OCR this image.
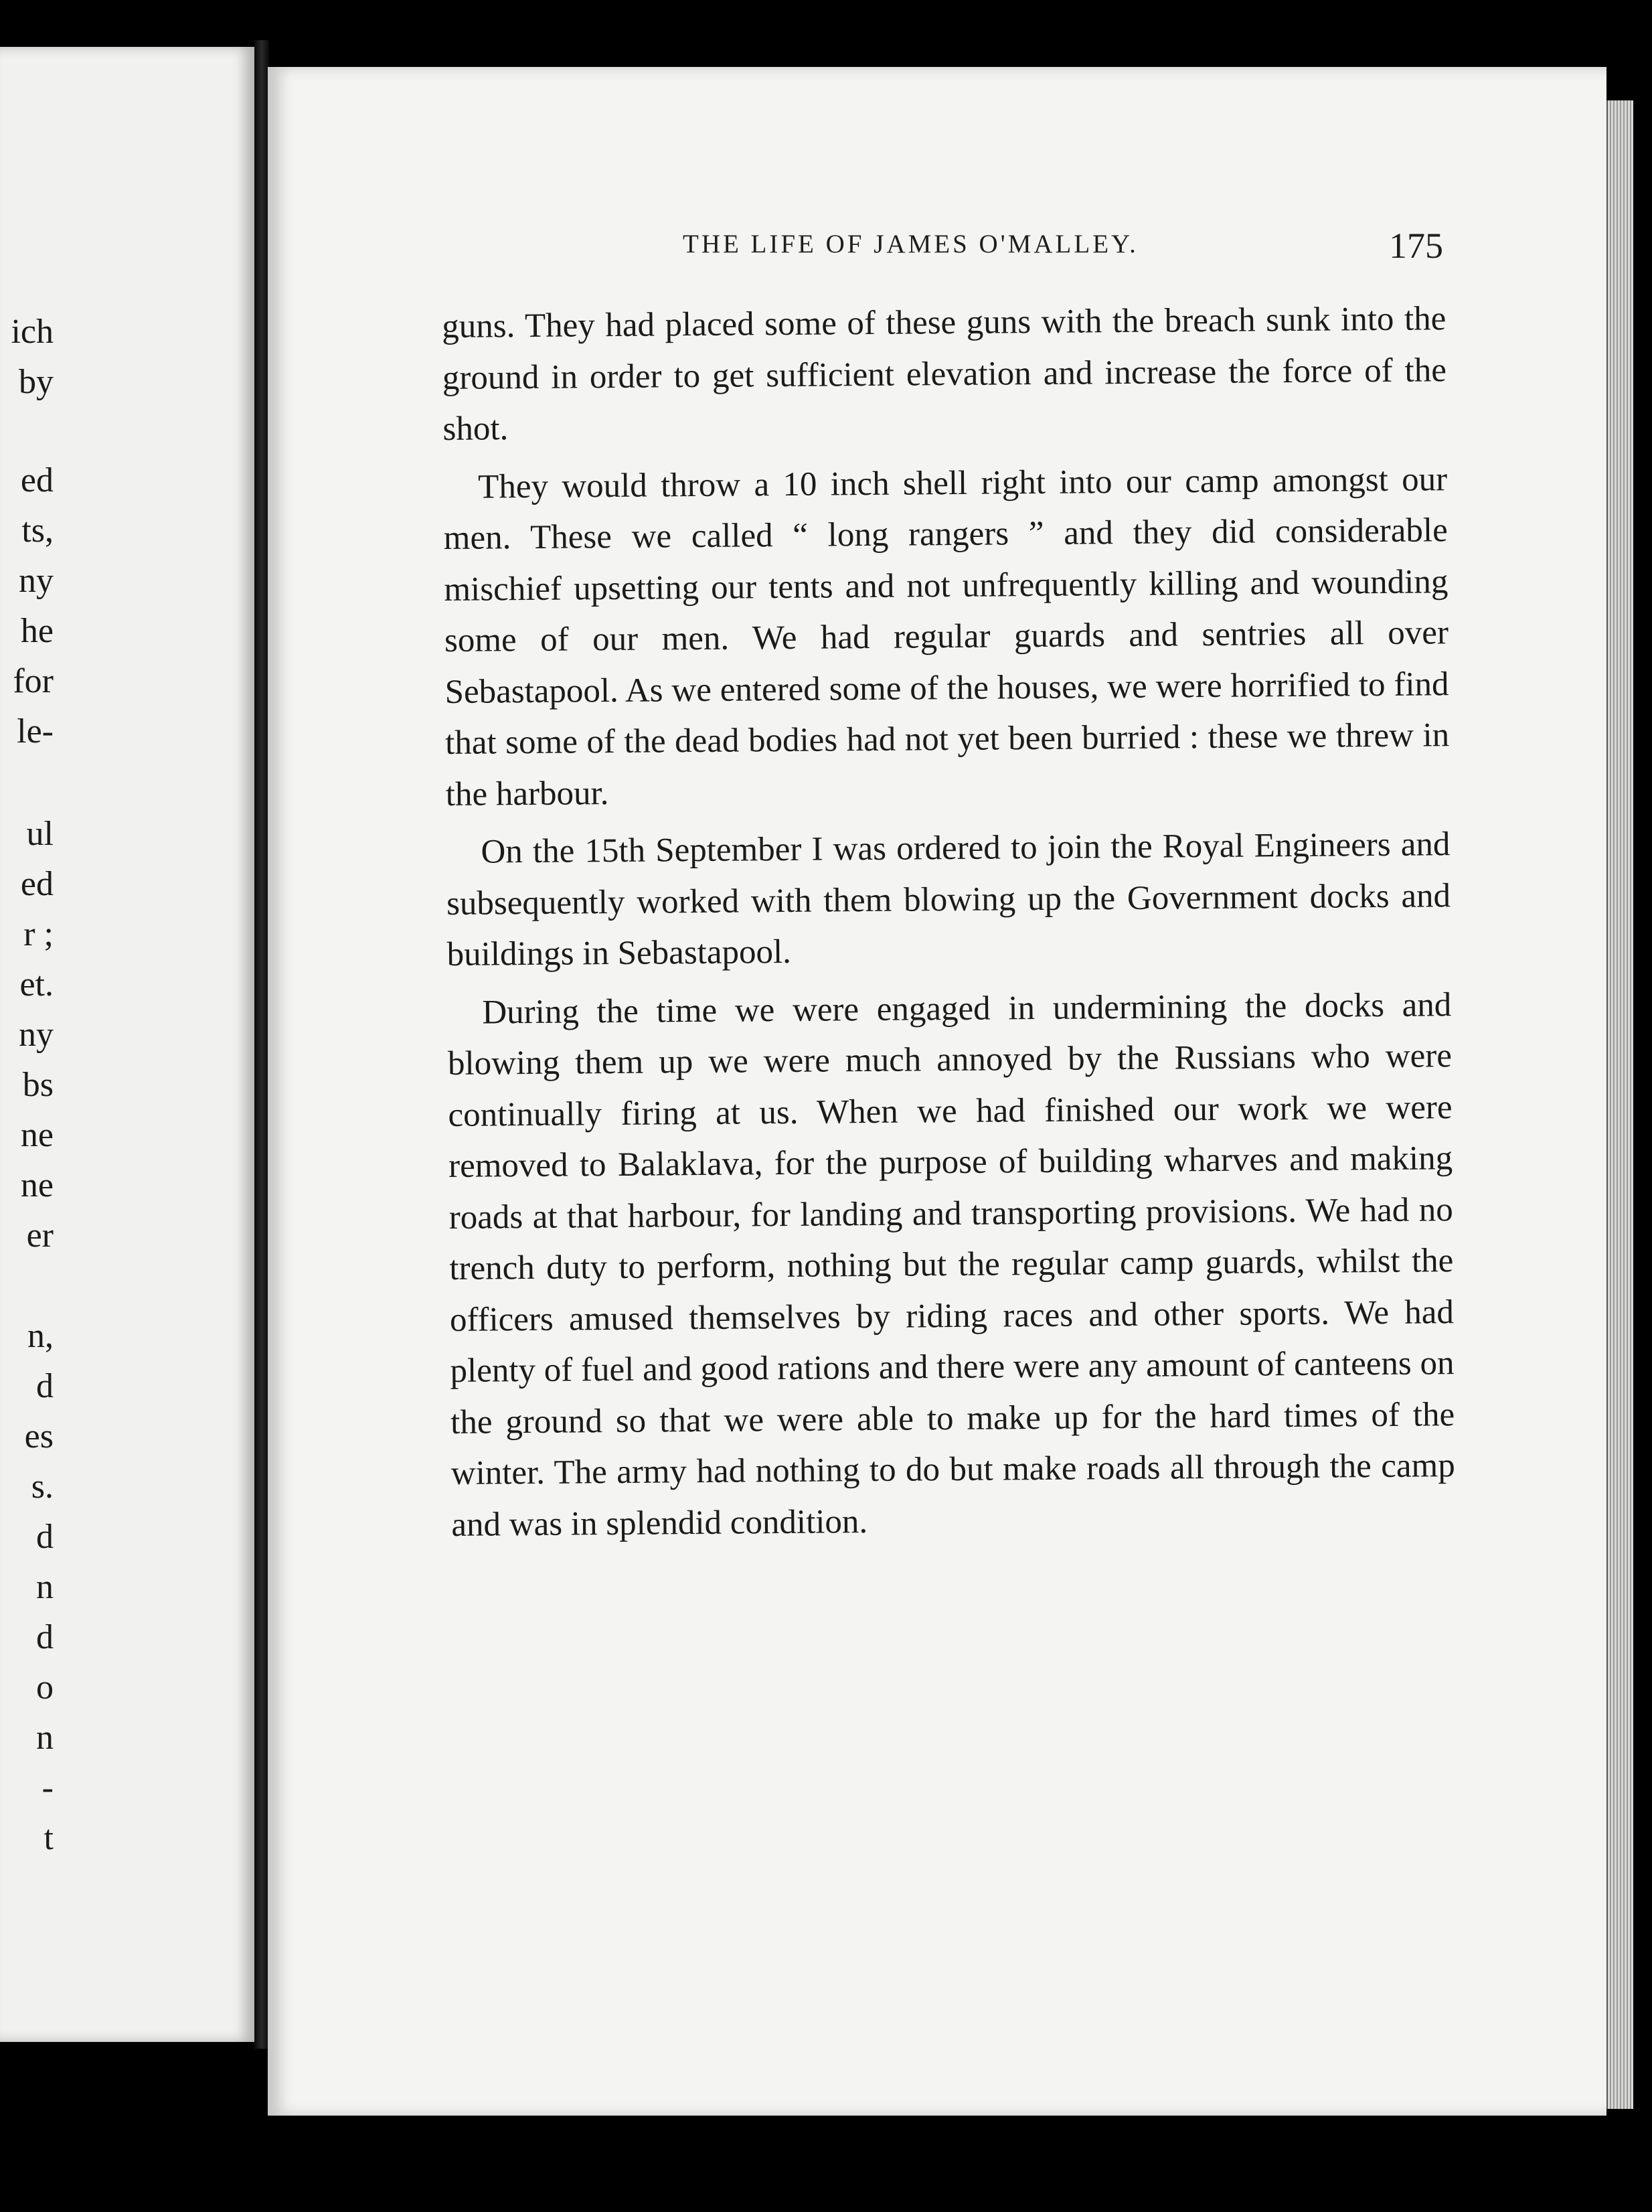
ich
by
ed
ts,
ny
he
for
le-
ul
ed
r ;
et.
ny
bs
ne
ne
er
n,
d
es
s.
d
n
d
o
n
-
t
THE LIFE OF JAMES O'MALLEY.	175

guns. They had placed some of these guns with the breach sunk into the ground in order to get sufficient elevation and increase the force of the shot.

They would throw a 10 inch shell right into our camp amongst our men. These we called “ long rangers ” and they did considerable mischief upsetting our tents and not unfrequently killing and wounding some of our men. We had regular guards and sentries all over Sebastapool. As we entered some of the houses, we were horrified to find that some of the dead bodies had not yet been burried : these we threw in the harbour.

On the 15th September I was ordered to join the Royal Engineers and subsequently worked with them blowing up the Government docks and buildings in Sebastapool.

During the time we were engaged in undermining the docks and blowing them up we were much annoyed by the Russians who were continually firing at us. When we had finished our work we were removed to Balaklava, for the purpose of building wharves and making roads at that harbour, for landing and transporting provisions. We had no trench duty to perform, nothing but the regular camp guards, whilst the officers amused themselves by riding races and other sports. We had plenty of fuel and good rations and there were any amount of canteens on the ground so that we were able to make up for the hard times of the winter. The army had nothing to do but make roads all through the camp and was in splendid condition.
